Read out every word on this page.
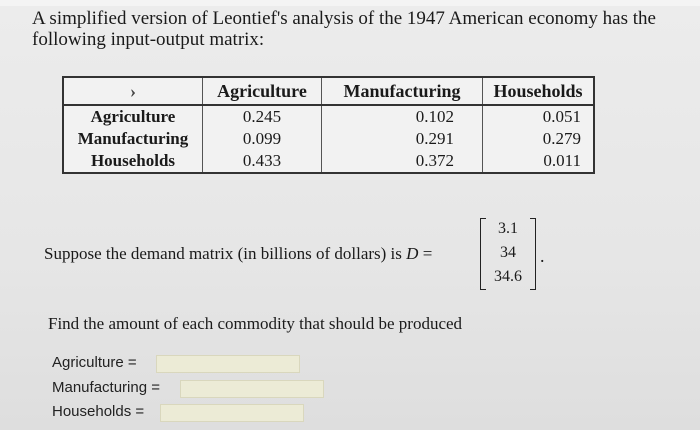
A simplified version of Leontief's analysis of the 1947 American economy has the following input-output matrix:
›	Agriculture	Manufacturing	Households
Agriculture	0.245	0.102	0.051
Manufacturing	0.099	0.291	0.279
Households	0.433	0.372	0.011
Suppose the demand matrix (in billions of dollars) is D =
3.1
34
34.6
.
Find the amount of each commodity that should be produced
Agriculture =
Manufacturing =
Households =
